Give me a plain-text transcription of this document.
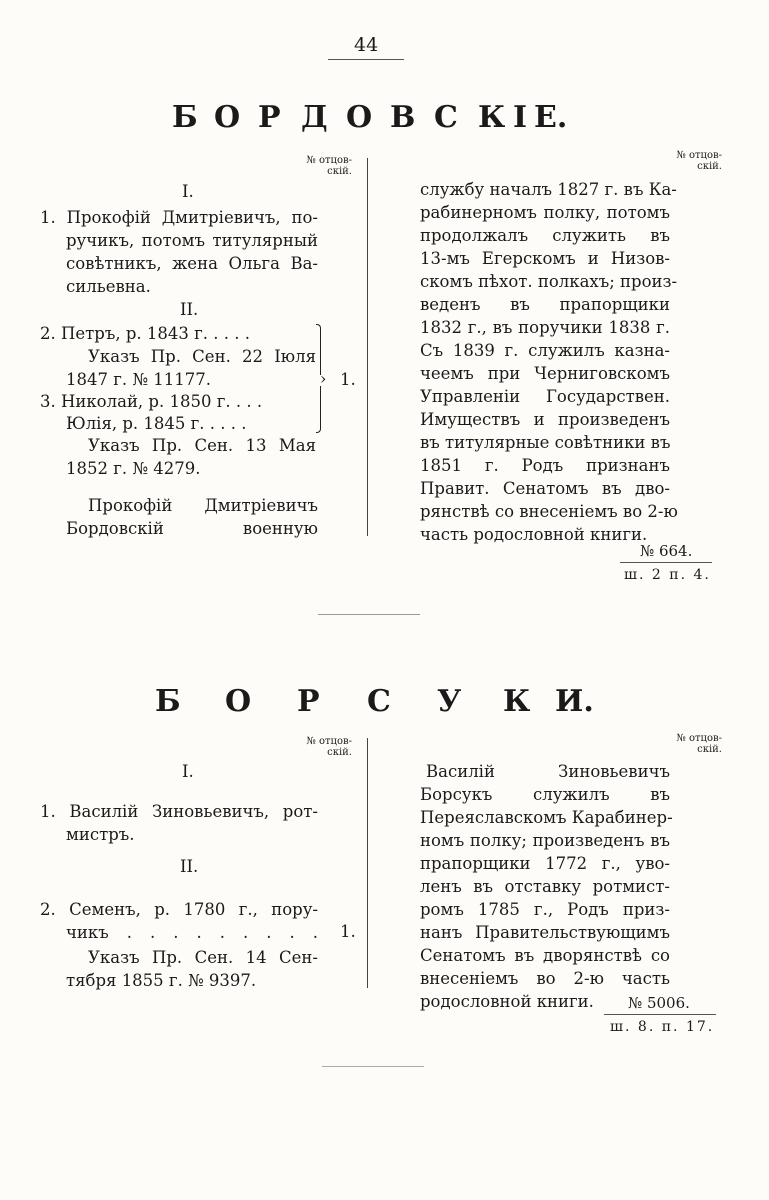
44
Б О Р Д О В С К І Е.
№ отцов-
скій.
№ отцов-
скій.
I.
1. Прокофій Дмитріевичъ, по-
ручикъ, потомъ титулярный
совѣтникъ, жена Ольга Ва-
сильевна.
II.
2. Петръ, р. 1843 г. . . . .
Указъ Пр. Сен. 22 Іюля
1847 г. № 11177.
3. Николай, р. 1850 г. . . .
Юлія, р. 1845 г. . . . .
Указъ Пр. Сен. 13 Мая
1852 г. № 4279.
› 1.
Прокофій Дмитріевичъ
Бордовскій военную
службу началъ 1827 г. въ Ка-
рабинерномъ полку, потомъ
продолжалъ служить въ
13-мъ Егерскомъ и Низов-
скомъ пѣхот. полкахъ; произ-
веденъ въ прапорщики
1832 г., въ поручики 1838 г.
Съ 1839 г. служилъ казна-
чеемъ при Черниговскомъ
Управленіи Государствен.
Имуществъ и произведенъ
въ титулярные совѣтники въ
1851 г. Родъ признанъ
Правит. Сенатомъ въ дво-
рянствѣ со внесеніемъ во 2-ю
часть родословной книги.
№ 664.
ш. 2 п. 4.
Б О Р С У К И.
№ отцов-
скій.
№ отцов-
скій.
I.
1. Василій Зиновьевичъ, рот-
мистръ.
II.
2. Семенъ, р. 1780 г., пору-
чикъ . . . . . . . . . 1.
Указъ Пр. Сен. 14 Сен-
тября 1855 г. № 9397.
Василій Зиновьевичъ
Борсукъ служилъ въ
Переяславскомъ Карабинер-
номъ полку; произведенъ въ
прапорщики 1772 г., уво-
ленъ въ отставку ротмист-
ромъ 1785 г., Родъ приз-
нанъ Правительствующимъ
Сенатомъ въ дворянствѣ со
внесеніемъ во 2-ю часть
родословной книги.	№ 5006.
ш. 8. п. 17.
